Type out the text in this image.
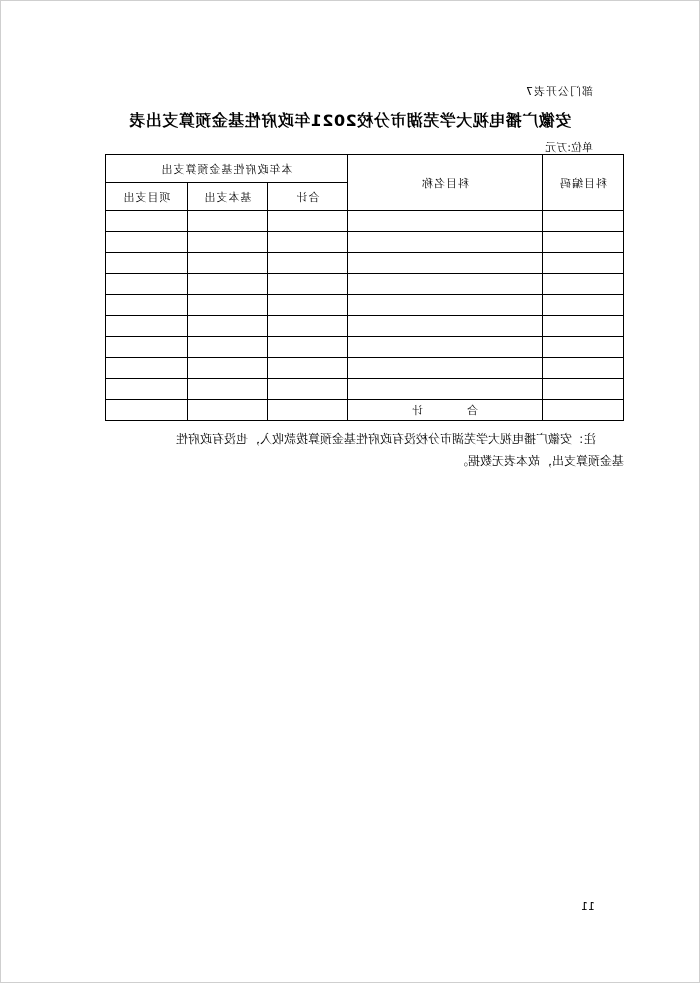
部门公开表7
安徽广播电视大学芜湖市分校2021年政府性基金预算支出表
单位:万元
科目编码	科目名称	本年政府性基金预算支出		
		合计	基本支出	项目支出

	合计			
注：安徽广播电视大学芜湖市分校没有政府性基金预算拨款收入，也没有政府性
基金预算支出，故本表无数据。
11
